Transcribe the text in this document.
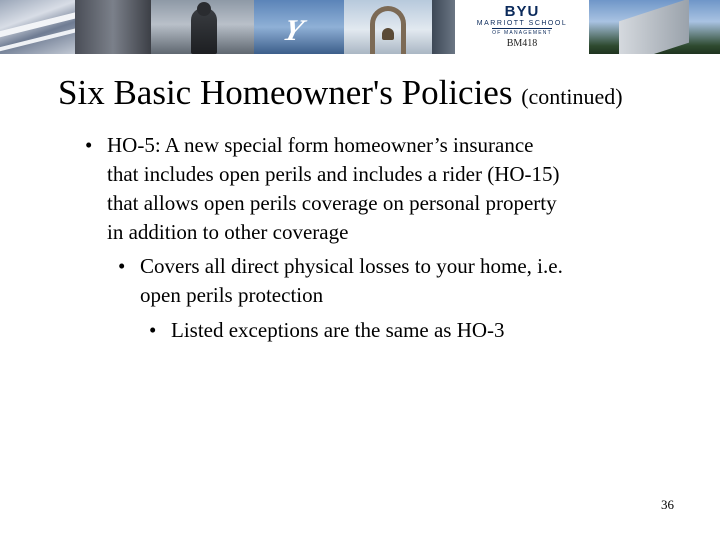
Y
BYU
MARRIOTT SCHOOL
OF MANAGEMENT
BM418
Six Basic Homeowner's Policies (continued)
• HO-5: A new special form homeowner’s insurance
that includes open perils and includes a rider (HO-15)
that allows open perils coverage on personal property
in addition to other coverage
• Covers all direct physical losses to your home, i.e.
open perils protection
• Listed exceptions are the same as HO-3
36
